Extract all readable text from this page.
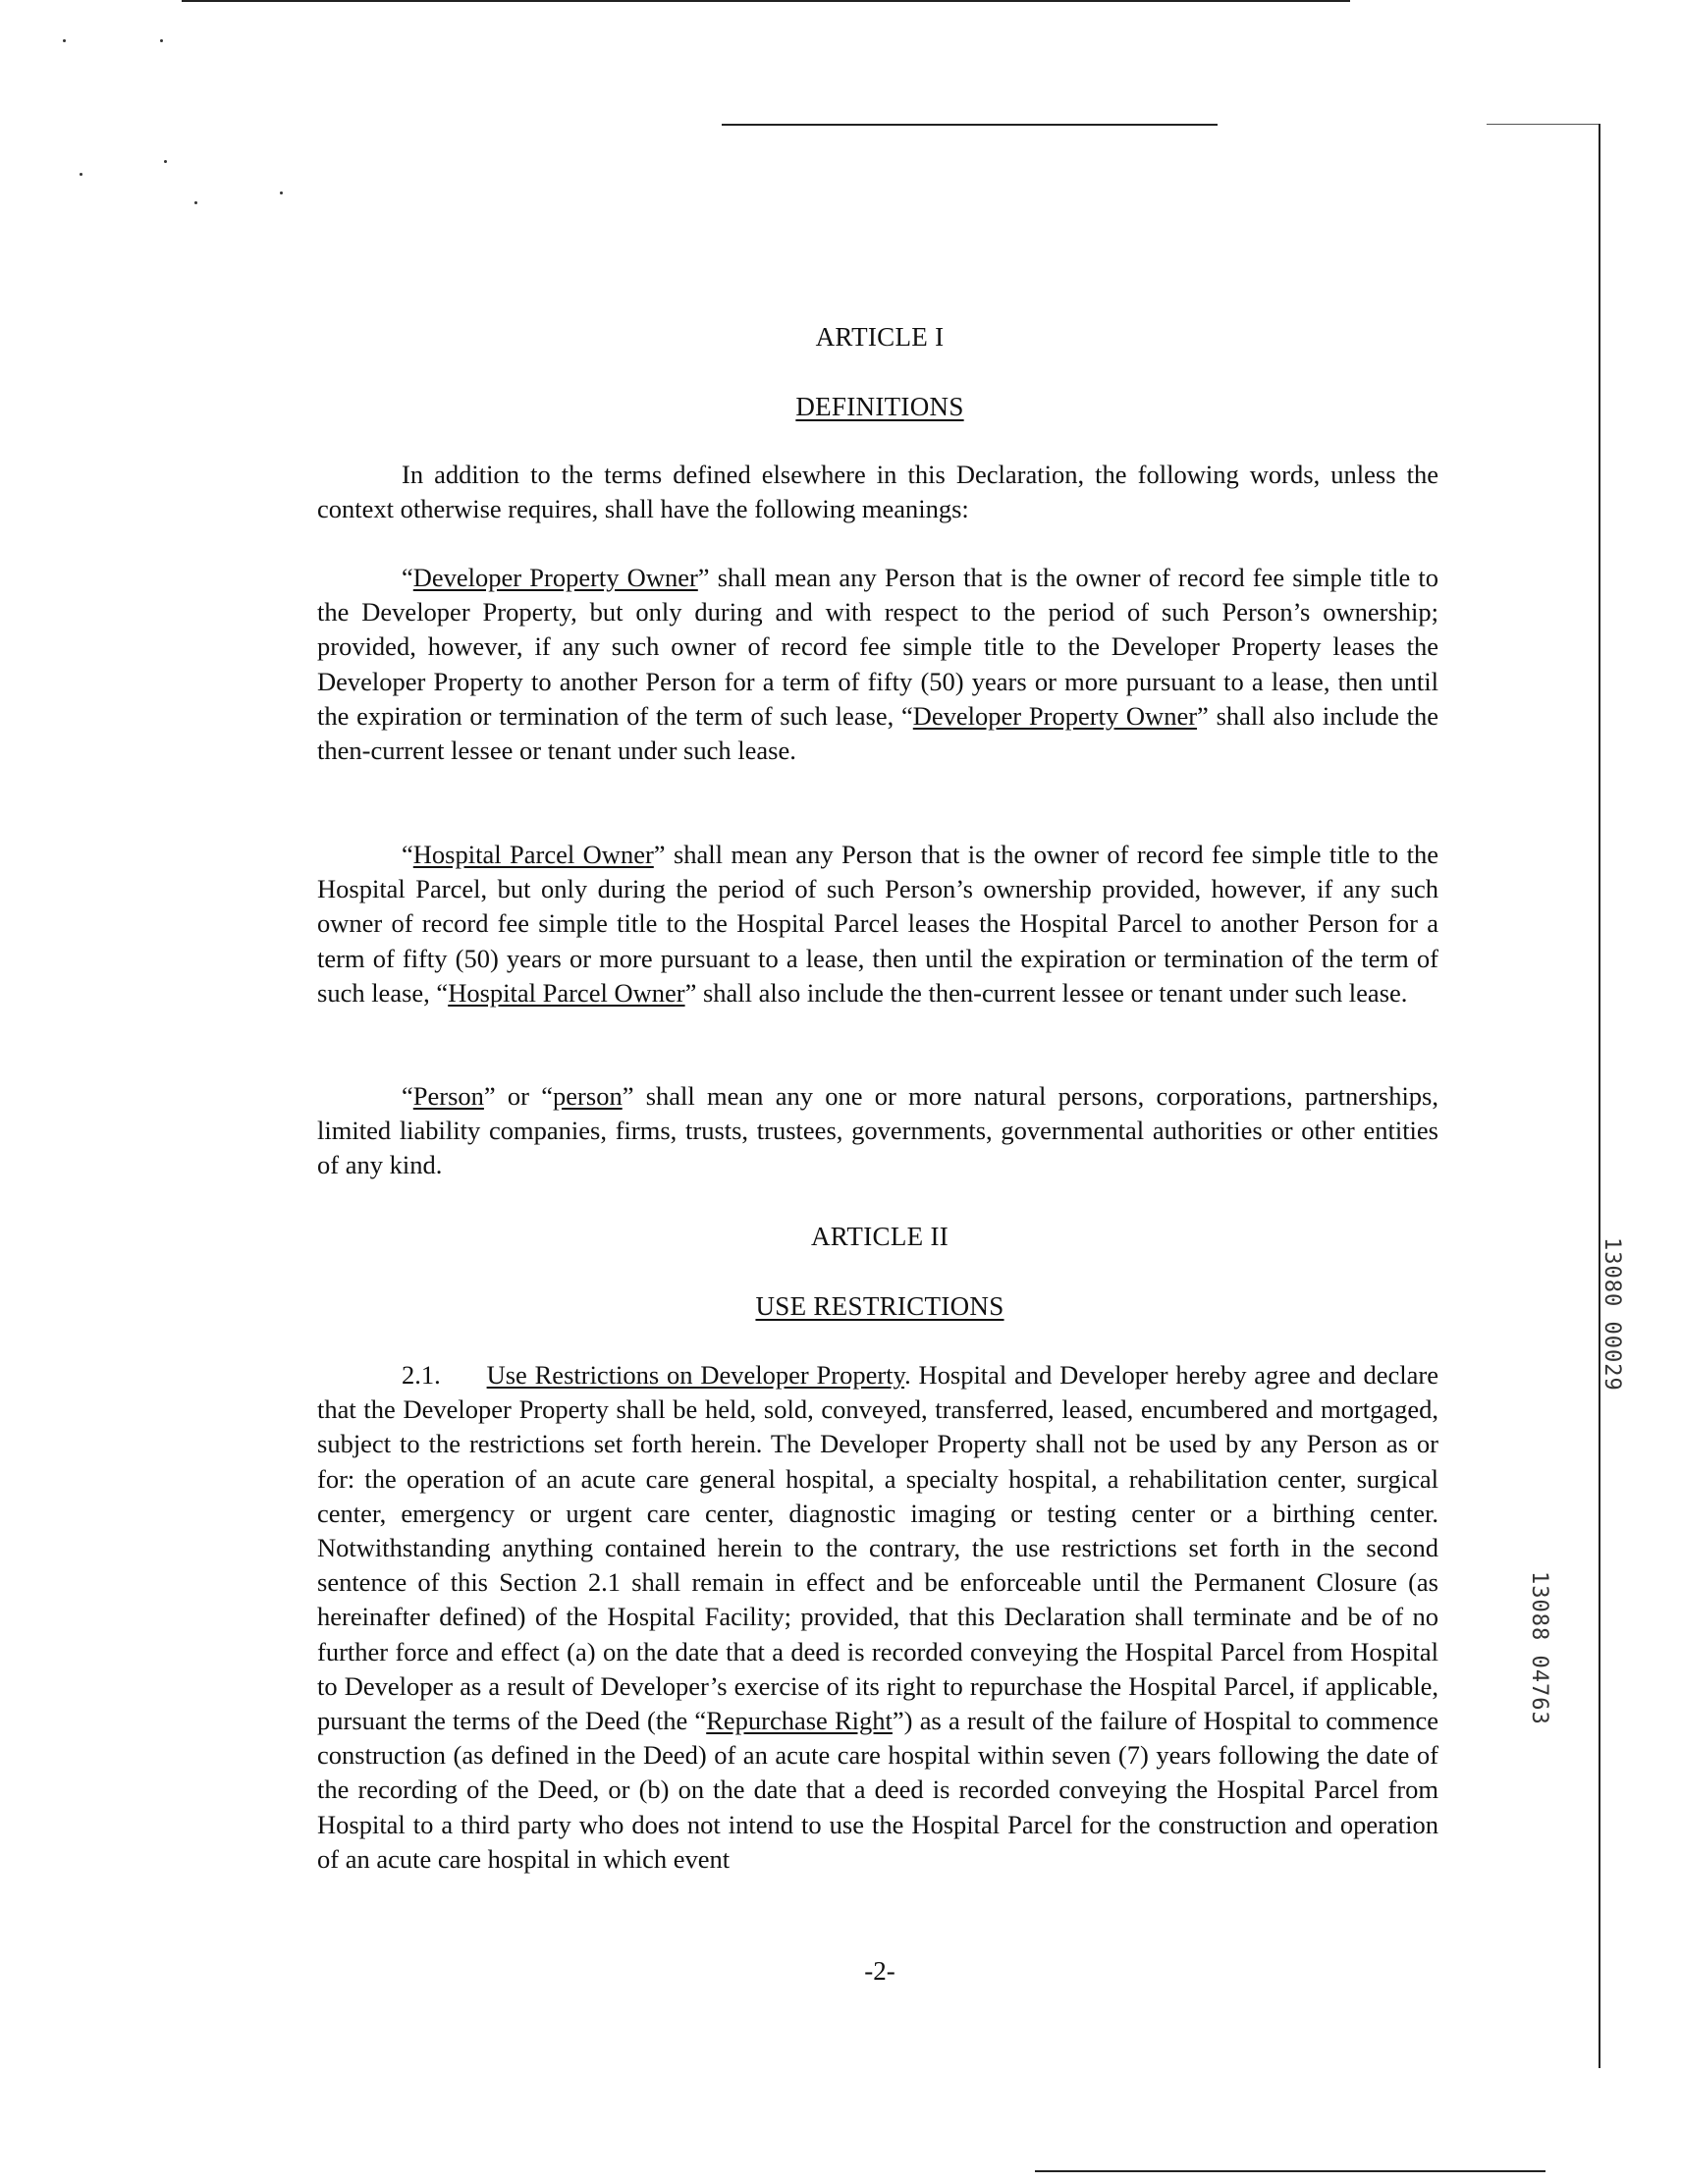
ARTICLE I
DEFINITIONS
In addition to the terms defined elsewhere in this Declaration, the following words, unless the context otherwise requires, shall have the following meanings:
“Developer Property Owner” shall mean any Person that is the owner of record fee simple title to the Developer Property, but only during and with respect to the period of such Person’s ownership; provided, however, if any such owner of record fee simple title to the Developer Property leases the Developer Property to another Person for a term of fifty (50) years or more pursuant to a lease, then until the expiration or termination of the term of such lease, “Developer Property Owner” shall also include the then-current lessee or tenant under such lease.
“Hospital Parcel Owner” shall mean any Person that is the owner of record fee simple title to the Hospital Parcel, but only during the period of such Person’s ownership provided, however, if any such owner of record fee simple title to the Hospital Parcel leases the Hospital Parcel to another Person for a term of fifty (50) years or more pursuant to a lease, then until the expiration or termination of the term of such lease, “Hospital Parcel Owner” shall also include the then-current lessee or tenant under such lease.
“Person” or “person” shall mean any one or more natural persons, corporations, partnerships, limited liability companies, firms, trusts, trustees, governments, governmental authorities or other entities of any kind.
ARTICLE II
USE RESTRICTIONS
2.1. Use Restrictions on Developer Property. Hospital and Developer hereby agree and declare that the Developer Property shall be held, sold, conveyed, transferred, leased, encumbered and mortgaged, subject to the restrictions set forth herein. The Developer Property shall not be used by any Person as or for: the operation of an acute care general hospital, a specialty hospital, a rehabilitation center, surgical center, emergency or urgent care center, diagnostic imaging or testing center or a birthing center. Notwithstanding anything contained herein to the contrary, the use restrictions set forth in the second sentence of this Section 2.1 shall remain in effect and be enforceable until the Permanent Closure (as hereinafter defined) of the Hospital Facility; provided, that this Declaration shall terminate and be of no further force and effect (a) on the date that a deed is recorded conveying the Hospital Parcel from Hospital to Developer as a result of Developer’s exercise of its right to repurchase the Hospital Parcel, if applicable, pursuant the terms of the Deed (the “Repurchase Right”) as a result of the failure of Hospital to commence construction (as defined in the Deed) of an acute care hospital within seven (7) years following the date of the recording of the Deed, or (b) on the date that a deed is recorded conveying the Hospital Parcel from Hospital to a third party who does not intend to use the Hospital Parcel for the construction and operation of an acute care hospital in which event
-2-
13080 00029
13088 04763
